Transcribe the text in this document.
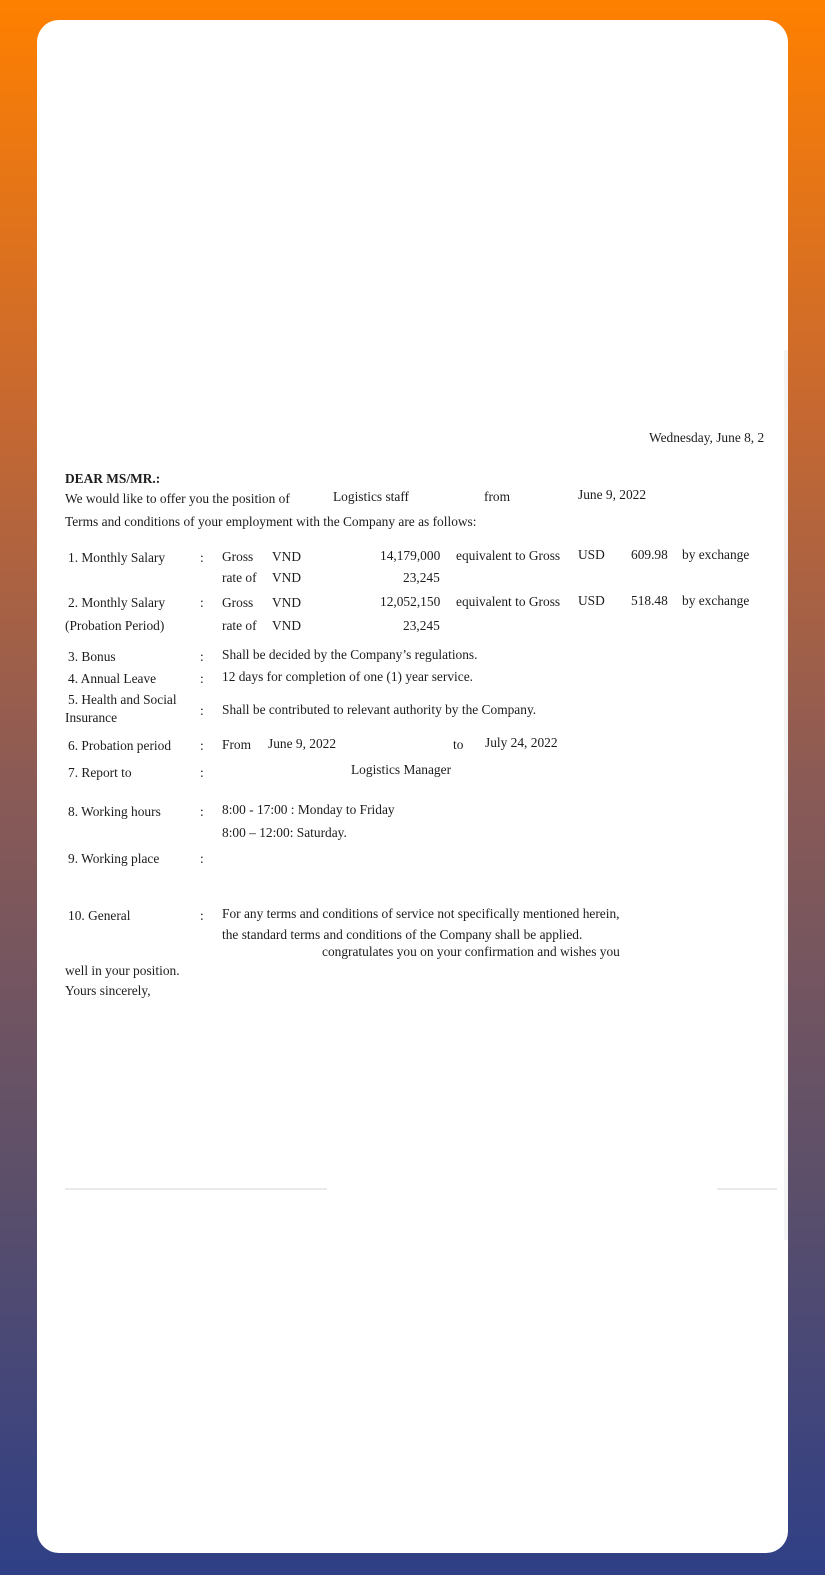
Wednesday, June 8, 2
DEAR MS/MR.:
We would like to offer you the position of	Logistics staff	from	June 9, 2022
Terms and conditions of your employment with the Company are as follows:
1. Monthly Salary	: Gross VND	14,179,000 equivalent to Gross USD 609.98 by exchange
rate of VND	23,245
2. Monthly Salary
(Probation Period)
: Gross VND	12,052,150 equivalent to Gross USD 518.48 by exchange
rate of VND	23,245
3. Bonus	: Shall be decided by the Company’s regulations.
4. Annual Leave	: 12 days for completion of one (1) year service.
5. Health and Social
Insurance	: Shall be contributed to relevant authority by the Company.
6. Probation period : From June 9, 2022	to July 24, 2022
7. Report to	:	Logistics Manager
8. Working hours	: 8:00 - 17:00 : Monday to Friday
8:00 – 12:00: Saturday.
9. Working place	:
10. General	: For any terms and conditions of service not specifically mentioned herein,
the standard terms and conditions of the Company shall be applied.
congratulates you on your confirmation and wishes you
well in your position.
Yours sincerely,
